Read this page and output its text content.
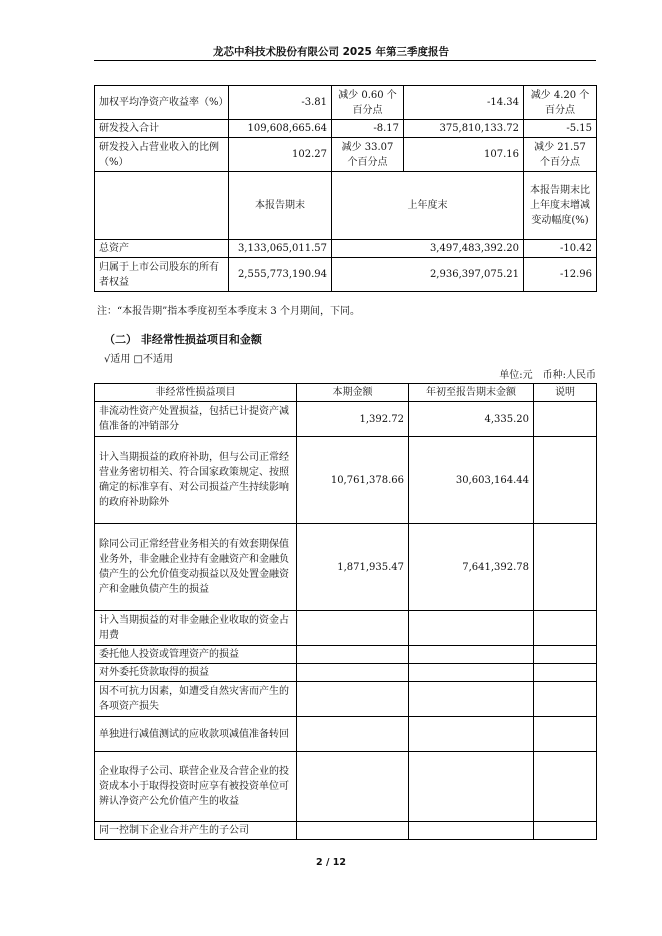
龙芯中科技术股份有限公司 2025 年第三季度报告
加权平均净资产收益率（%）	-3.81	减少 0.60 个百分点	-14.34	减少 4.20 个百分点
研发投入合计	109,608,665.64	-8.17	375,810,133.72	-5.15
研发投入占营业收入的比例（%）	102.27	减少 33.07 个百分点	107.16	减少 21.57 个百分点
	本报告期末	上年度末		本报告期末比上年度末增减变动幅度(%)
总资产	3,133,065,011.57	3,497,483,392.20		-10.42
归属于上市公司股东的所有者权益	2,555,773,190.94	2,936,397,075.21		-12.96
注：“本报告期”指本季度初至本季度末 3 个月期间，下同。
（二） 非经常性损益项目和金额
√适用 □不适用
单位:元 币种:人民币
非经常性损益项目	本期金额	年初至报告期末金额	说明
非流动性资产处置损益，包括已计提资产减值准备的冲销部分	1,392.72	4,335.20	
计入当期损益的政府补助，但与公司正常经营业务密切相关、符合国家政策规定、按照确定的标准享有、对公司损益产生持续影响的政府补助除外	10,761,378.66	30,603,164.44	
除同公司正常经营业务相关的有效套期保值业务外，非金融企业持有金融资产和金融负债产生的公允价值变动损益以及处置金融资产和金融负债产生的损益	1,871,935.47	7,641,392.78	
计入当期损益的对非金融企业收取的资金占用费			
委托他人投资或管理资产的损益			
对外委托贷款取得的损益			
因不可抗力因素，如遭受自然灾害而产生的各项资产损失			
单独进行减值测试的应收款项减值准备转回			
企业取得子公司、联营企业及合营企业的投资成本小于取得投资时应享有被投资单位可辨认净资产公允价值产生的收益			
同一控制下企业合并产生的子公司			
2 / 12
